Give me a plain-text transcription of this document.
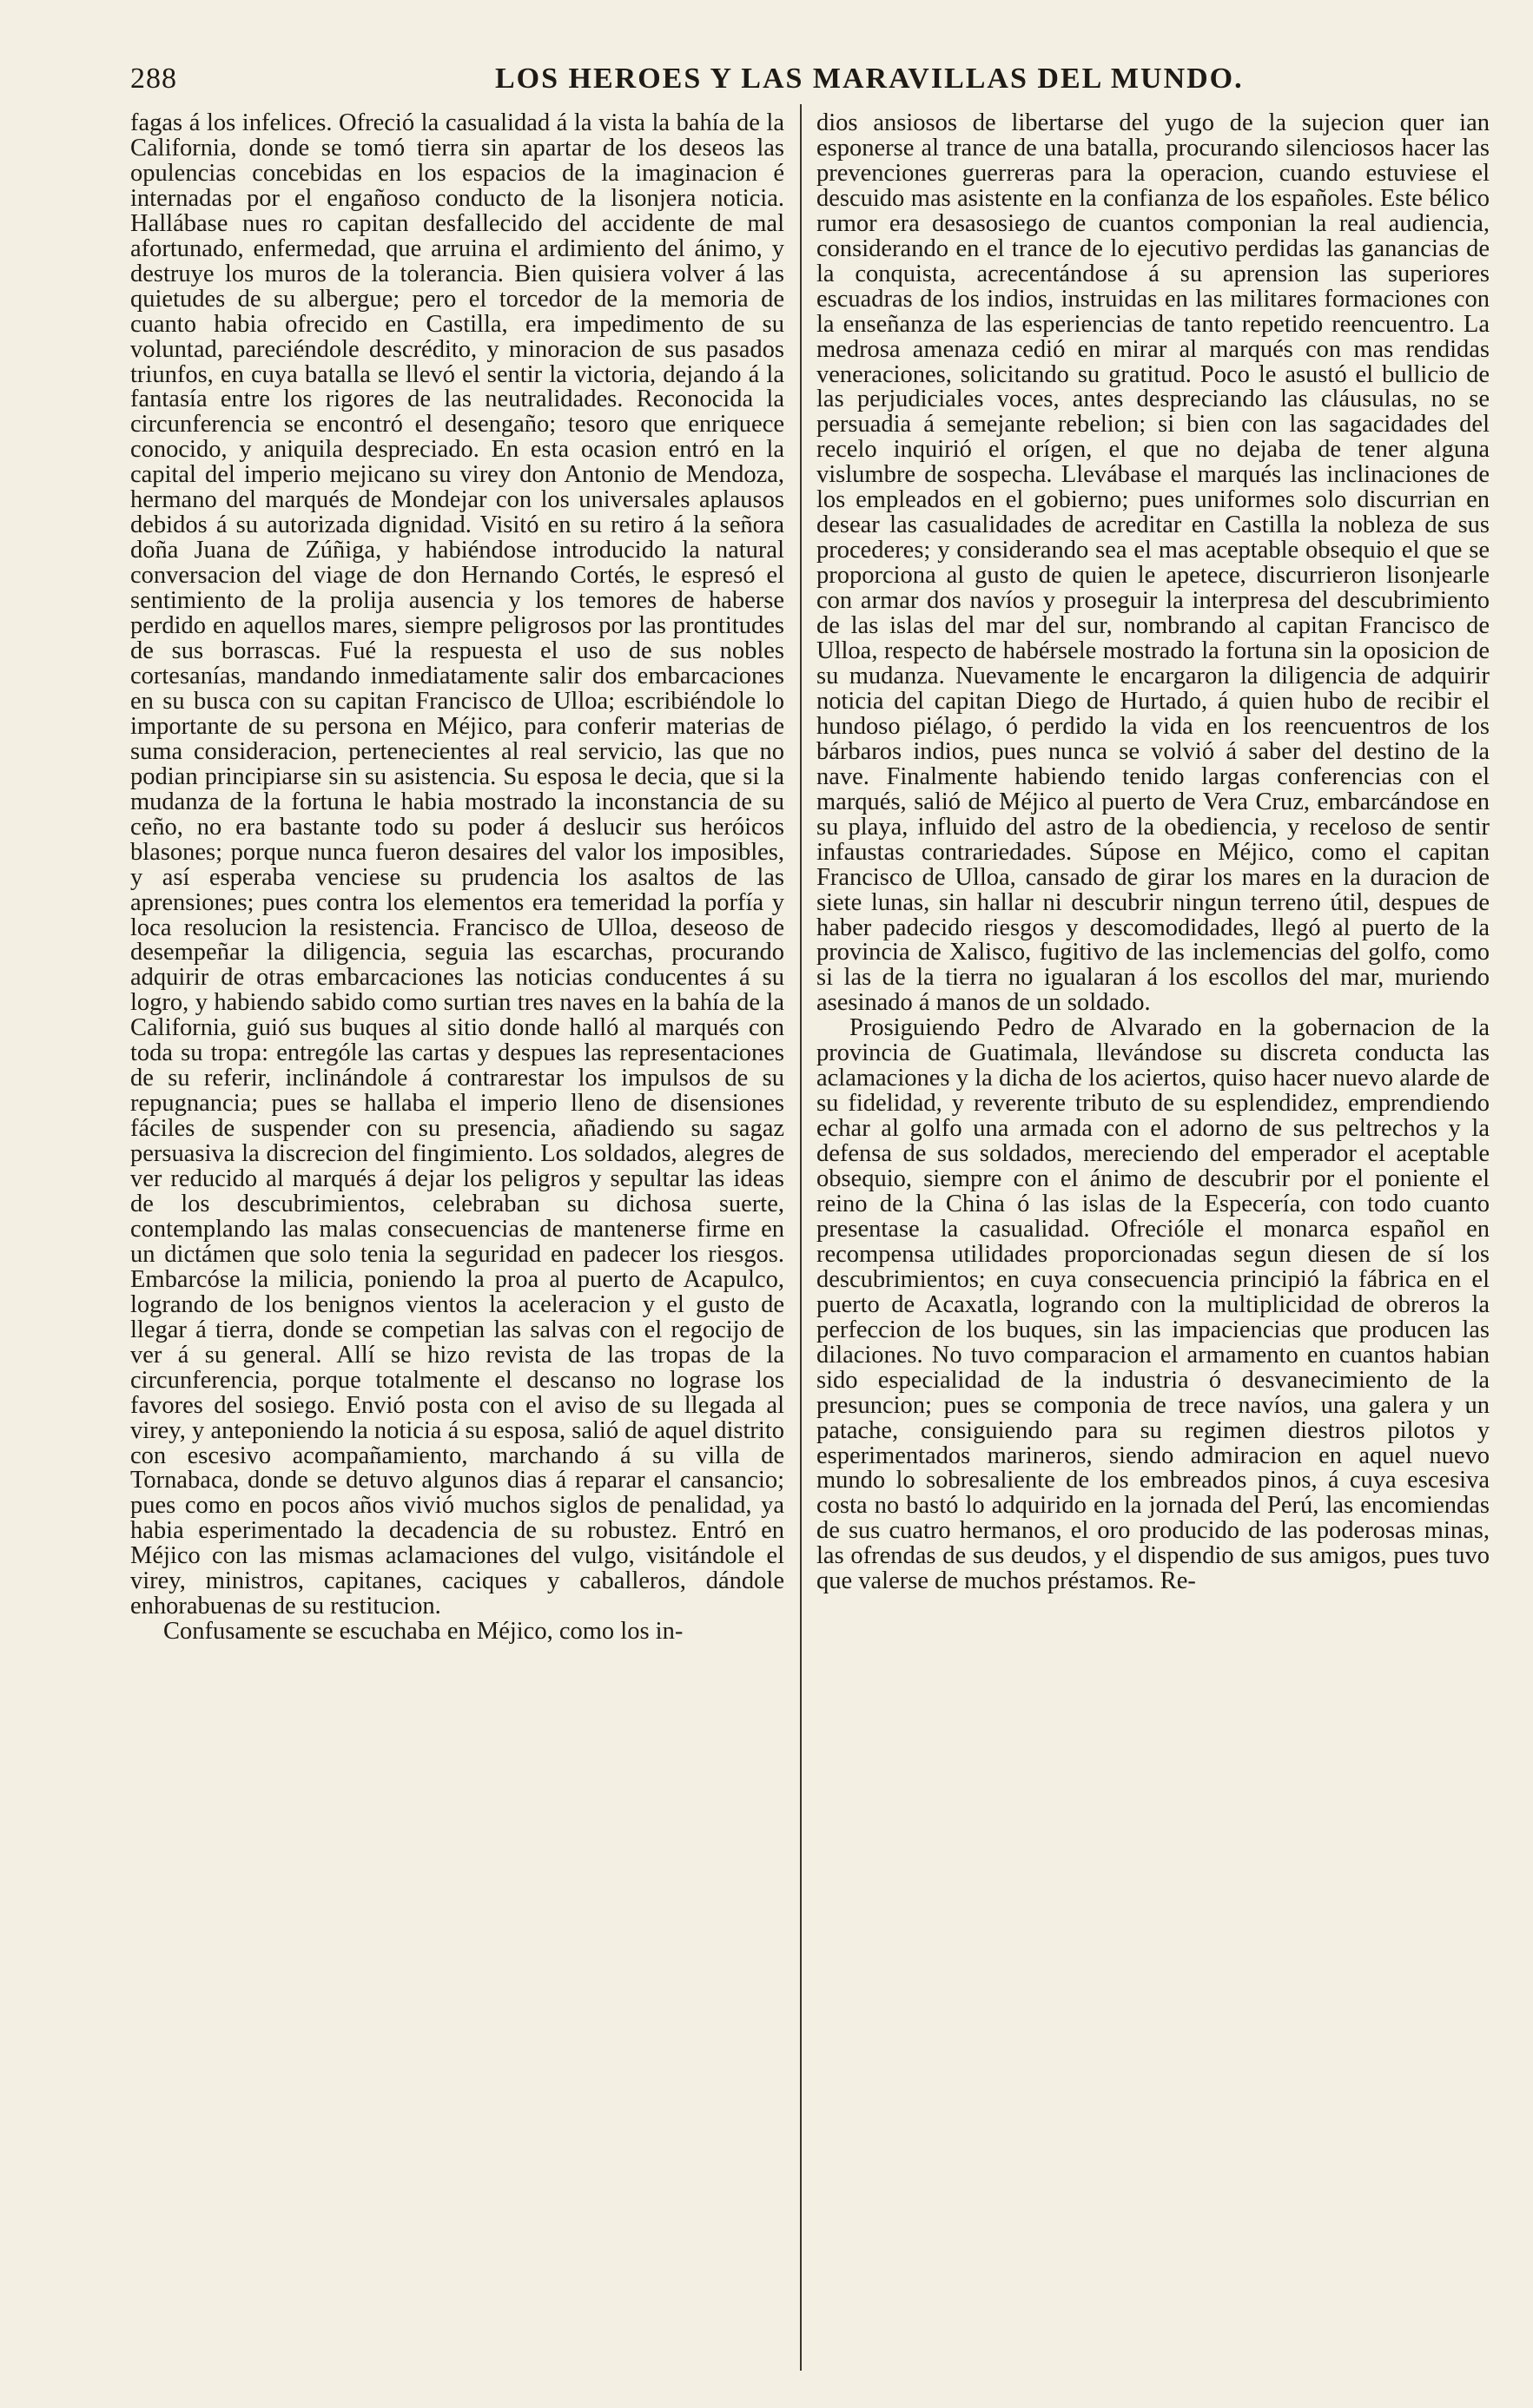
288	LOS HEROES Y LAS MARAVILLAS DEL MUNDO.

fagas á los infelices. Ofreció la casualidad á la vista la bahía de la California, donde se tomó tierra sin apartar de los deseos las opulencias concebidas en los espacios de la imaginacion é internadas por el engañoso conducto de la lisonjera noticia. Hallábase nues ro capitan desfallecido del accidente de mal afortunado, enfermedad, que arruina el ardimiento del ánimo, y destruye los muros de la tolerancia. Bien quisiera volver á las quietudes de su albergue; pero el torcedor de la memoria de cuanto habia ofrecido en Castilla, era impedimento de su voluntad, pareciéndole descrédito, y minoracion de sus pasados triunfos, en cuya batalla se llevó el sentir la victoria, dejando á la fantasía entre los rigores de las neutralidades. Reconocida la circunferencia se encontró el desengaño; tesoro que enriquece conocido, y aniquila despreciado. En esta ocasion entró en la capital del imperio mejicano su virey don Antonio de Mendoza, hermano del marqués de Mondejar con los universales aplausos debidos á su autorizada dignidad. Visitó en su retiro á la señora doña Juana de Zúñiga, y habiéndose introducido la natural conversacion del viage de don Hernando Cortés, le espresó el sentimiento de la prolija ausencia y los temores de haberse perdido en aquellos mares, siempre peligrosos por las prontitudes de sus borrascas. Fué la respuesta el uso de sus nobles cortesanías, mandando inmediatamente salir dos embarcaciones en su busca con su capitan Francisco de Ulloa; escribiéndole lo importante de su persona en Méjico, para conferir materias de suma consideracion, pertenecientes al real servicio, las que no podian principiarse sin su asistencia. Su esposa le decia, que si la mudanza de la fortuna le habia mostrado la inconstancia de su ceño, no era bastante todo su poder á deslucir sus heróicos blasones; porque nunca fueron desaires del valor los imposibles, y así esperaba venciese su prudencia los asaltos de las aprensiones; pues contra los elementos era temeridad la porfía y loca resolucion la resistencia. Francisco de Ulloa, deseoso de desempeñar la diligencia, seguia las escarchas, procurando adquirir de otras embarcaciones las noticias conducentes á su logro, y habiendo sabido como surtian tres naves en la bahía de la California, guió sus buques al sitio donde halló al marqués con toda su tropa: entrególe las cartas y despues las representaciones de su referir, inclinándole á contrarestar los impulsos de su repugnancia; pues se hallaba el imperio lleno de disensiones fáciles de suspender con su presencia, añadiendo su sagaz persuasiva la discrecion del fingimiento. Los soldados, alegres de ver reducido al marqués á dejar los peligros y sepultar las ideas de los descubrimientos, celebraban su dichosa suerte, contemplando las malas consecuencias de mantenerse firme en un dictámen que solo tenia la seguridad en padecer los riesgos. Embarcóse la milicia, poniendo la proa al puerto de Acapulco, logrando de los benignos vientos la aceleracion y el gusto de llegar á tierra, donde se competian las salvas con el regocijo de ver á su general. Allí se hizo revista de las tropas de la circunferencia, porque totalmente el descanso no lograse los favores del sosiego. Envió posta con el aviso de su llegada al virey, y anteponiendo la noticia á su esposa, salió de aquel distrito con escesivo acompañamiento, marchando á su villa de Tornabaca, donde se detuvo algunos dias á reparar el cansancio; pues como en pocos años vivió muchos siglos de penalidad, ya habia esperimentado la decadencia de su robustez. Entró en Méjico con las mismas aclamaciones del vulgo, visitándole el virey, ministros, capitanes, caciques y caballeros, dándole enhorabuenas de su restitucion.

Confusamente se escuchaba en Méjico, como los in-

dios ansiosos de libertarse del yugo de la sujecion quer ian esponerse al trance de una batalla, procurando silenciosos hacer las prevenciones guerreras para la operacion, cuando estuviese el descuido mas asistente en la confianza de los españoles. Este bélico rumor era desasosiego de cuantos componian la real audiencia, considerando en el trance de lo ejecutivo perdidas las ganancias de la conquista, acrecentándose á su aprension las superiores escuadras de los indios, instruidas en las militares formaciones con la enseñanza de las esperiencias de tanto repetido reencuentro. La medrosa amenaza cedió en mirar al marqués con mas rendidas veneraciones, solicitando su gratitud. Poco le asustó el bullicio de las perjudiciales voces, antes despreciando las cláusulas, no se persuadia á semejante rebelion; si bien con las sagacidades del recelo inquirió el orígen, el que no dejaba de tener alguna vislumbre de sospecha. Llevábase el marqués las inclinaciones de los empleados en el gobierno; pues uniformes solo discurrian en desear las casualidades de acreditar en Castilla la nobleza de sus procederes; y considerando sea el mas aceptable obsequio el que se proporciona al gusto de quien le apetece, discurrieron lisonjearle con armar dos navíos y proseguir la interpresa del descubrimiento de las islas del mar del sur, nombrando al capitan Francisco de Ulloa, respecto de habérsele mostrado la fortuna sin la oposicion de su mudanza. Nuevamente le encargaron la diligencia de adquirir noticia del capitan Diego de Hurtado, á quien hubo de recibir el hundoso piélago, ó perdido la vida en los reencuentros de los bárbaros indios, pues nunca se volvió á saber del destino de la nave. Finalmente habiendo tenido largas conferencias con el marqués, salió de Méjico al puerto de Vera Cruz, embarcándose en su playa, influido del astro de la obediencia, y receloso de sentir infaustas contrariedades. Súpose en Méjico, como el capitan Francisco de Ulloa, cansado de girar los mares en la duracion de siete lunas, sin hallar ni descubrir ningun terreno útil, despues de haber padecido riesgos y descomodidades, llegó al puerto de la provincia de Xalisco, fugitivo de las inclemencias del golfo, como si las de la tierra no igualaran á los escollos del mar, muriendo asesinado á manos de un soldado.

Prosiguiendo Pedro de Alvarado en la gobernacion de la provincia de Guatimala, llevándose su discreta conducta las aclamaciones y la dicha de los aciertos, quiso hacer nuevo alarde de su fidelidad, y reverente tributo de su esplendidez, emprendiendo echar al golfo una armada con el adorno de sus peltrechos y la defensa de sus soldados, mereciendo del emperador el aceptable obsequio, siempre con el ánimo de descubrir por el poniente el reino de la China ó las islas de la Especería, con todo cuanto presentase la casualidad. Ofrecióle el monarca español en recompensa utilidades proporcionadas segun diesen de sí los descubrimientos; en cuya consecuencia principió la fábrica en el puerto de Acaxatla, logrando con la multiplicidad de obreros la perfeccion de los buques, sin las impaciencias que producen las dilaciones. No tuvo comparacion el armamento en cuantos habian sido especialidad de la industria ó desvanecimiento de la presuncion; pues se componia de trece navíos, una galera y un patache, consiguiendo para su regimen diestros pilotos y esperimentados marineros, siendo admiracion en aquel nuevo mundo lo sobresaliente de los embreados pinos, á cuya escesiva costa no bastó lo adquirido en la jornada del Perú, las encomiendas de sus cuatro hermanos, el oro producido de las poderosas minas, las ofrendas de sus deudos, y el dispendio de sus amigos, pues tuvo que valerse de muchos préstamos. Re-
